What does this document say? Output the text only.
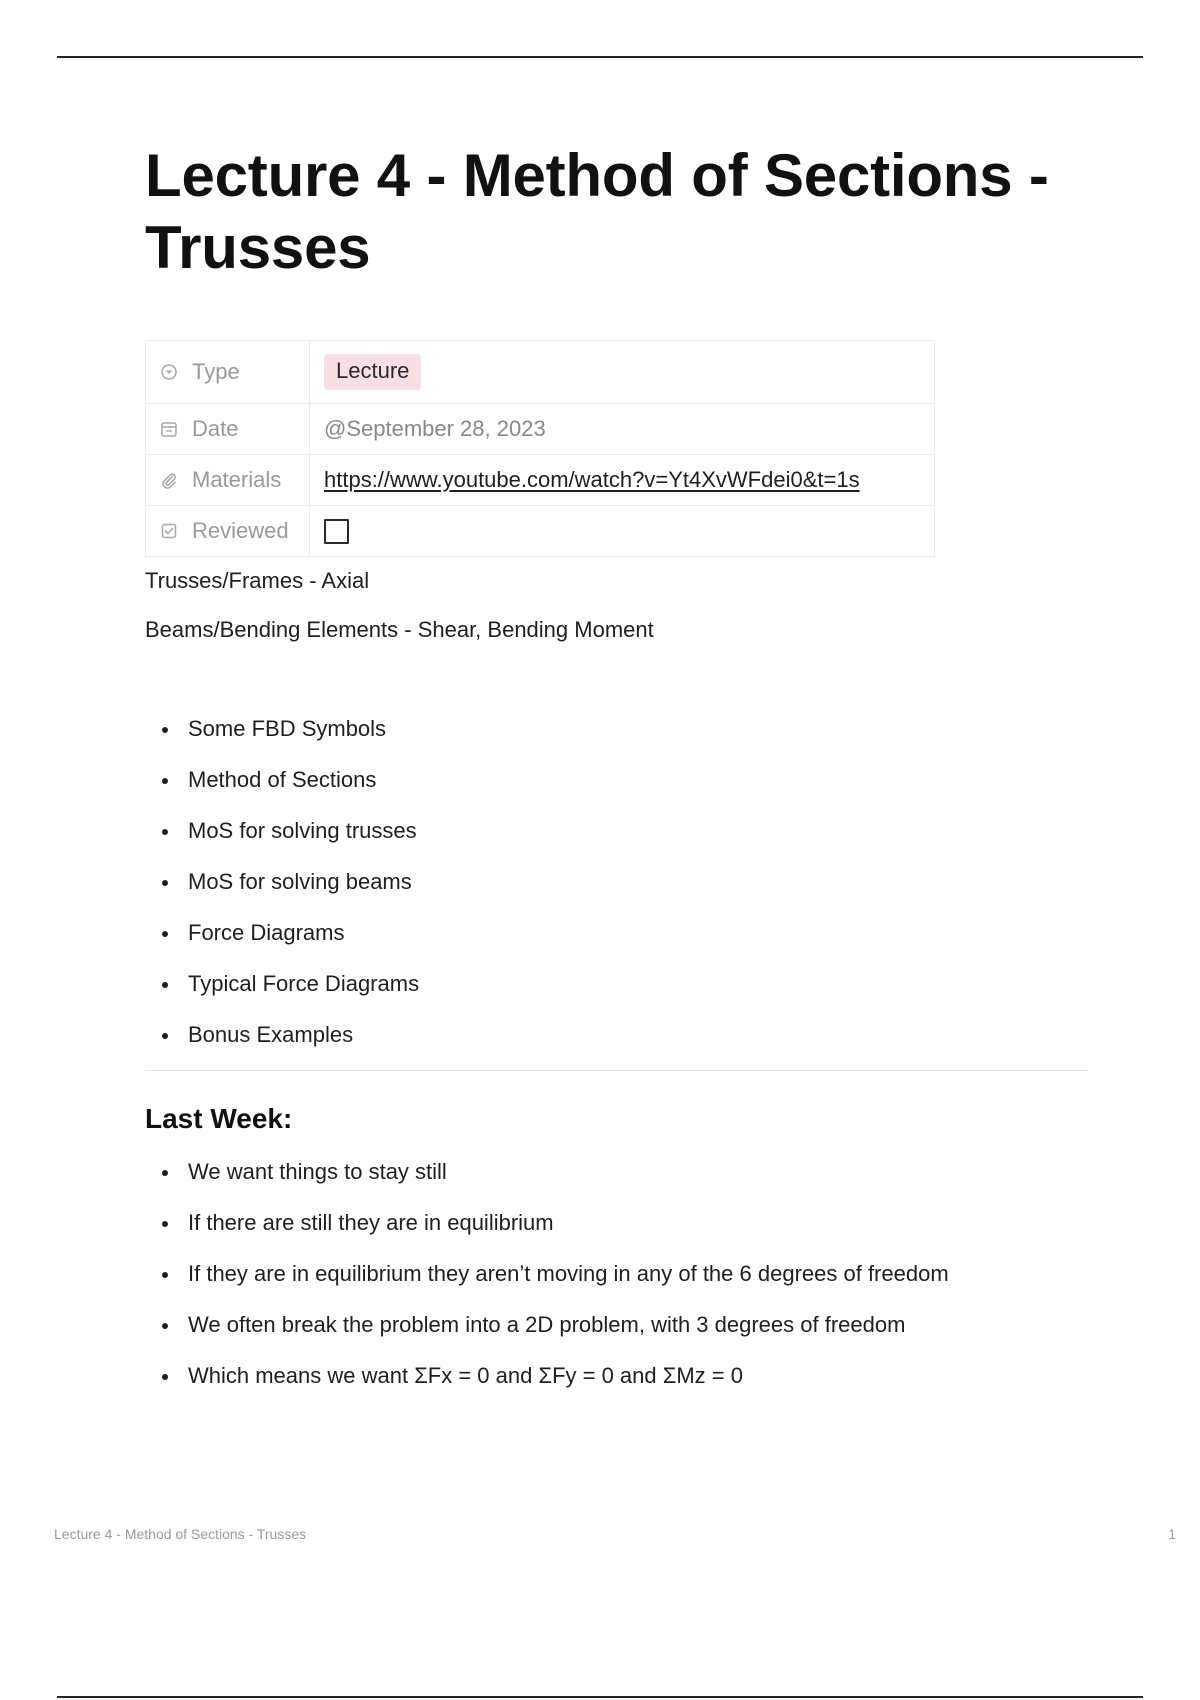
Lecture 4 - Method of Sections - Trusses
Type	Lecture

Date	@September 28, 2023

Materials	https://www.youtube.com/watch?v=Yt4XvWFdei0&t=1s

Reviewed	

Trusses/Frames - Axial

Beams/Bending Elements - Shear, Bending Moment

Some FBD Symbols
Method of Sections
MoS for solving trusses
MoS for solving beams
Force Diagrams
Typical Force Diagrams
Bonus Examples
Last Week:
We want things to stay still
If there are still they are in equilibrium
If they are in equilibrium they aren’t moving in any of the 6 degrees of freedom
We often break the problem into a 2D problem, with 3 degrees of freedom
Which means we want ΣFx = 0 and ΣFy = 0 and ΣMz = 0
Lecture 4 - Method of Sections - Trusses	1
